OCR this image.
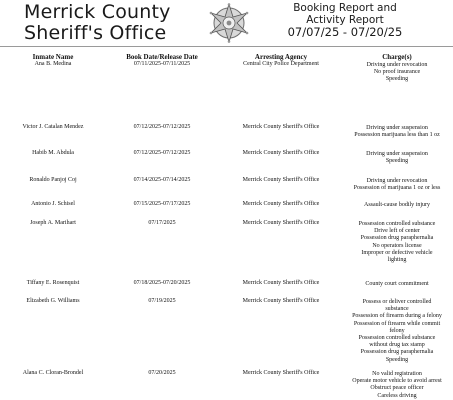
Merrick County
Sheriff's Office
Booking Report and
Activity Report
07/07/25 - 07/20/25
Inmate Name	Book Date/Release Date	Arresting Agency	Charge(s)
Ana B. Medina	07/11/2025-07/11/2025	Central City Police Department	Driving under revocation
No proof insurance
Speeding
Victor J. Catalan Mendez	07/12/2025-07/12/2025	Merrick County Sheriff's Office	Driving under suspension
Possession marijuana less than 1 oz
Habib M. Abdula	07/12/2025-07/12/2025	Merrick County Sheriff's Office	Driving under suspension
Speeding
Ronaldo Panjoj Coj	07/14/2025-07/14/2025	Merrick County Sheriff's Office	Driving under revocation
Possession of marijuana 1 oz or less
Antonio J. Schisel	07/15/2025-07/17/2025	Merrick County Sheriff's Office	Assault-cause bodily injury
Joseph A. Marihart	07/17/2025	Merrick County Sheriff's Office	Possession controlled substance
Drive left of center
Possession drug paraphernalia
No operators license
Improper or defective vehicle
lighting
Tiffany E. Rosenquist	07/18/2025-07/20/2025	Merrick County Sheriff's Office	County court commitment
Elizabeth G. Williams	07/19/2025	Merrick County Sheriff's Office	Possess or deliver controlled
substance
Possession of firearm during a felony
Possession of firearm while commit
felony
Possession controlled substance
without drug tax stamp
Possession drug paraphernalia
Speeding
Alana C. Cloran-Brondel	07/20/2025	Merrick County Sheriff's Office	No valid registration
Operate motor vehicle to avoid arrest
Obstruct peace officer
Careless driving
